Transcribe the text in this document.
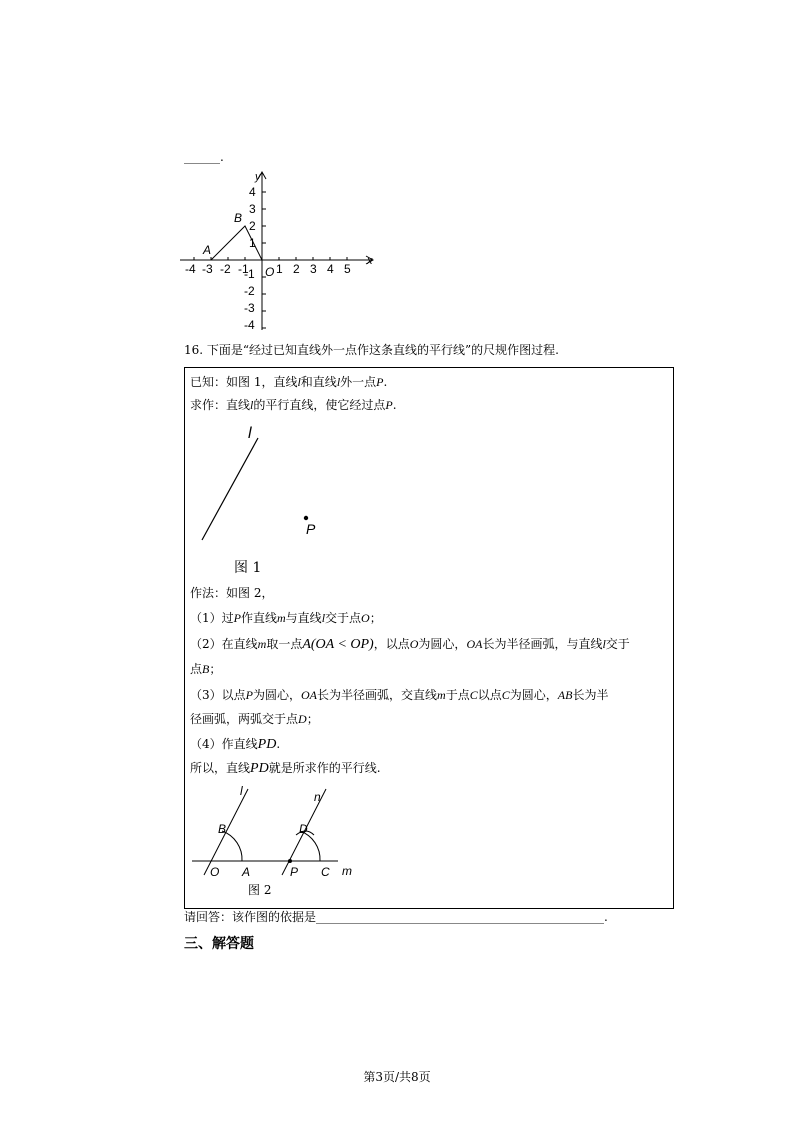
______.
x
y
O
-4 -3 -2 -1 1 2 3 4 5
4
3
2
1
-1
-2
-3
-4
A
B
16. 下面是“经过已知直线外一点作这条直线的平行线”的尺规作图过程.
已知：如图 1，直线l和直线l外一点P.
求作：直线l的平行直线，使它经过点P.
l
P
图 1
作法：如图 2，
（1）过P作直线m与直线l交于点O；
（2）在直线m取一点A(OA < OP)，以点O为圆心，OA长为半径画弧，与直线l交于
点B；
（3）以点P为圆心，OA长为半径画弧，交直线m于点C以点C为圆心，AB长为半
径画弧，两弧交于点D；
（4）作直线PD.
所以，直线PD就是所求作的平行线.
l	n
B	D
O A	P C m
图 2
请回答：该作图的依据是________________________________________________.
三、解答题
第3页/共8页
